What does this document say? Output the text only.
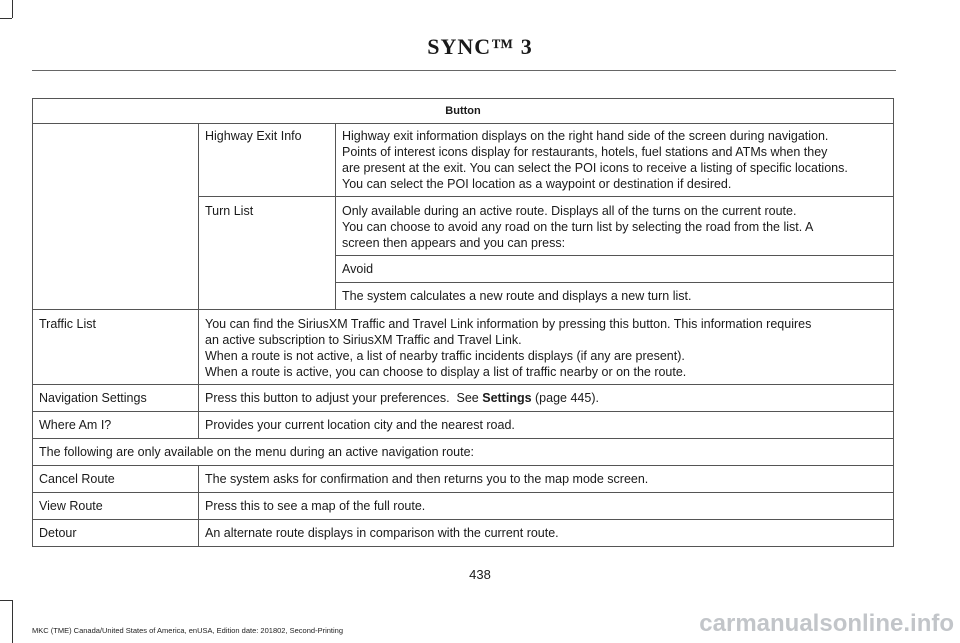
SYNC™ 3
Button		
	Highway Exit Info	Highway exit information displays on the right hand side of the screen during navigation.
Points of interest icons display for restaurants, hotels, fuel stations and ATMs when they
are present at the exit. You can select the POI icons to receive a listing of specific locations.
You can select the POI location as a waypoint or destination if desired.

	Turn List	Only available during an active route. Displays all of the turns on the current route.
You can choose to avoid any road on the turn list by selecting the road from the list. A
screen then appears and you can press:

		Avoid
		The system calculates a new route and displays a new turn list.
Traffic List	You can find the SiriusXM Traffic and Travel Link information by pressing this button. This information requires
an active subscription to SiriusXM Traffic and Travel Link.
When a route is not active, a list of nearby traffic incidents displays (if any are present).
When a route is active, you can choose to display a list of traffic nearby or on the route.	

Navigation Settings	Press this button to adjust your preferences.  See Settings (page 445).	
Where Am I?	Provides your current location city and the nearest road.	
The following are only available on the menu during an active navigation route:		
Cancel Route	The system asks for confirmation and then returns you to the map mode screen.	
View Route	Press this to see a map of the full route.	
Detour	An alternate route displays in comparison with the current route.	
438
MKC (TME) Canada/United States of America, enUSA, Edition date: 201802, Second-Printing	carmanualsonline.info
